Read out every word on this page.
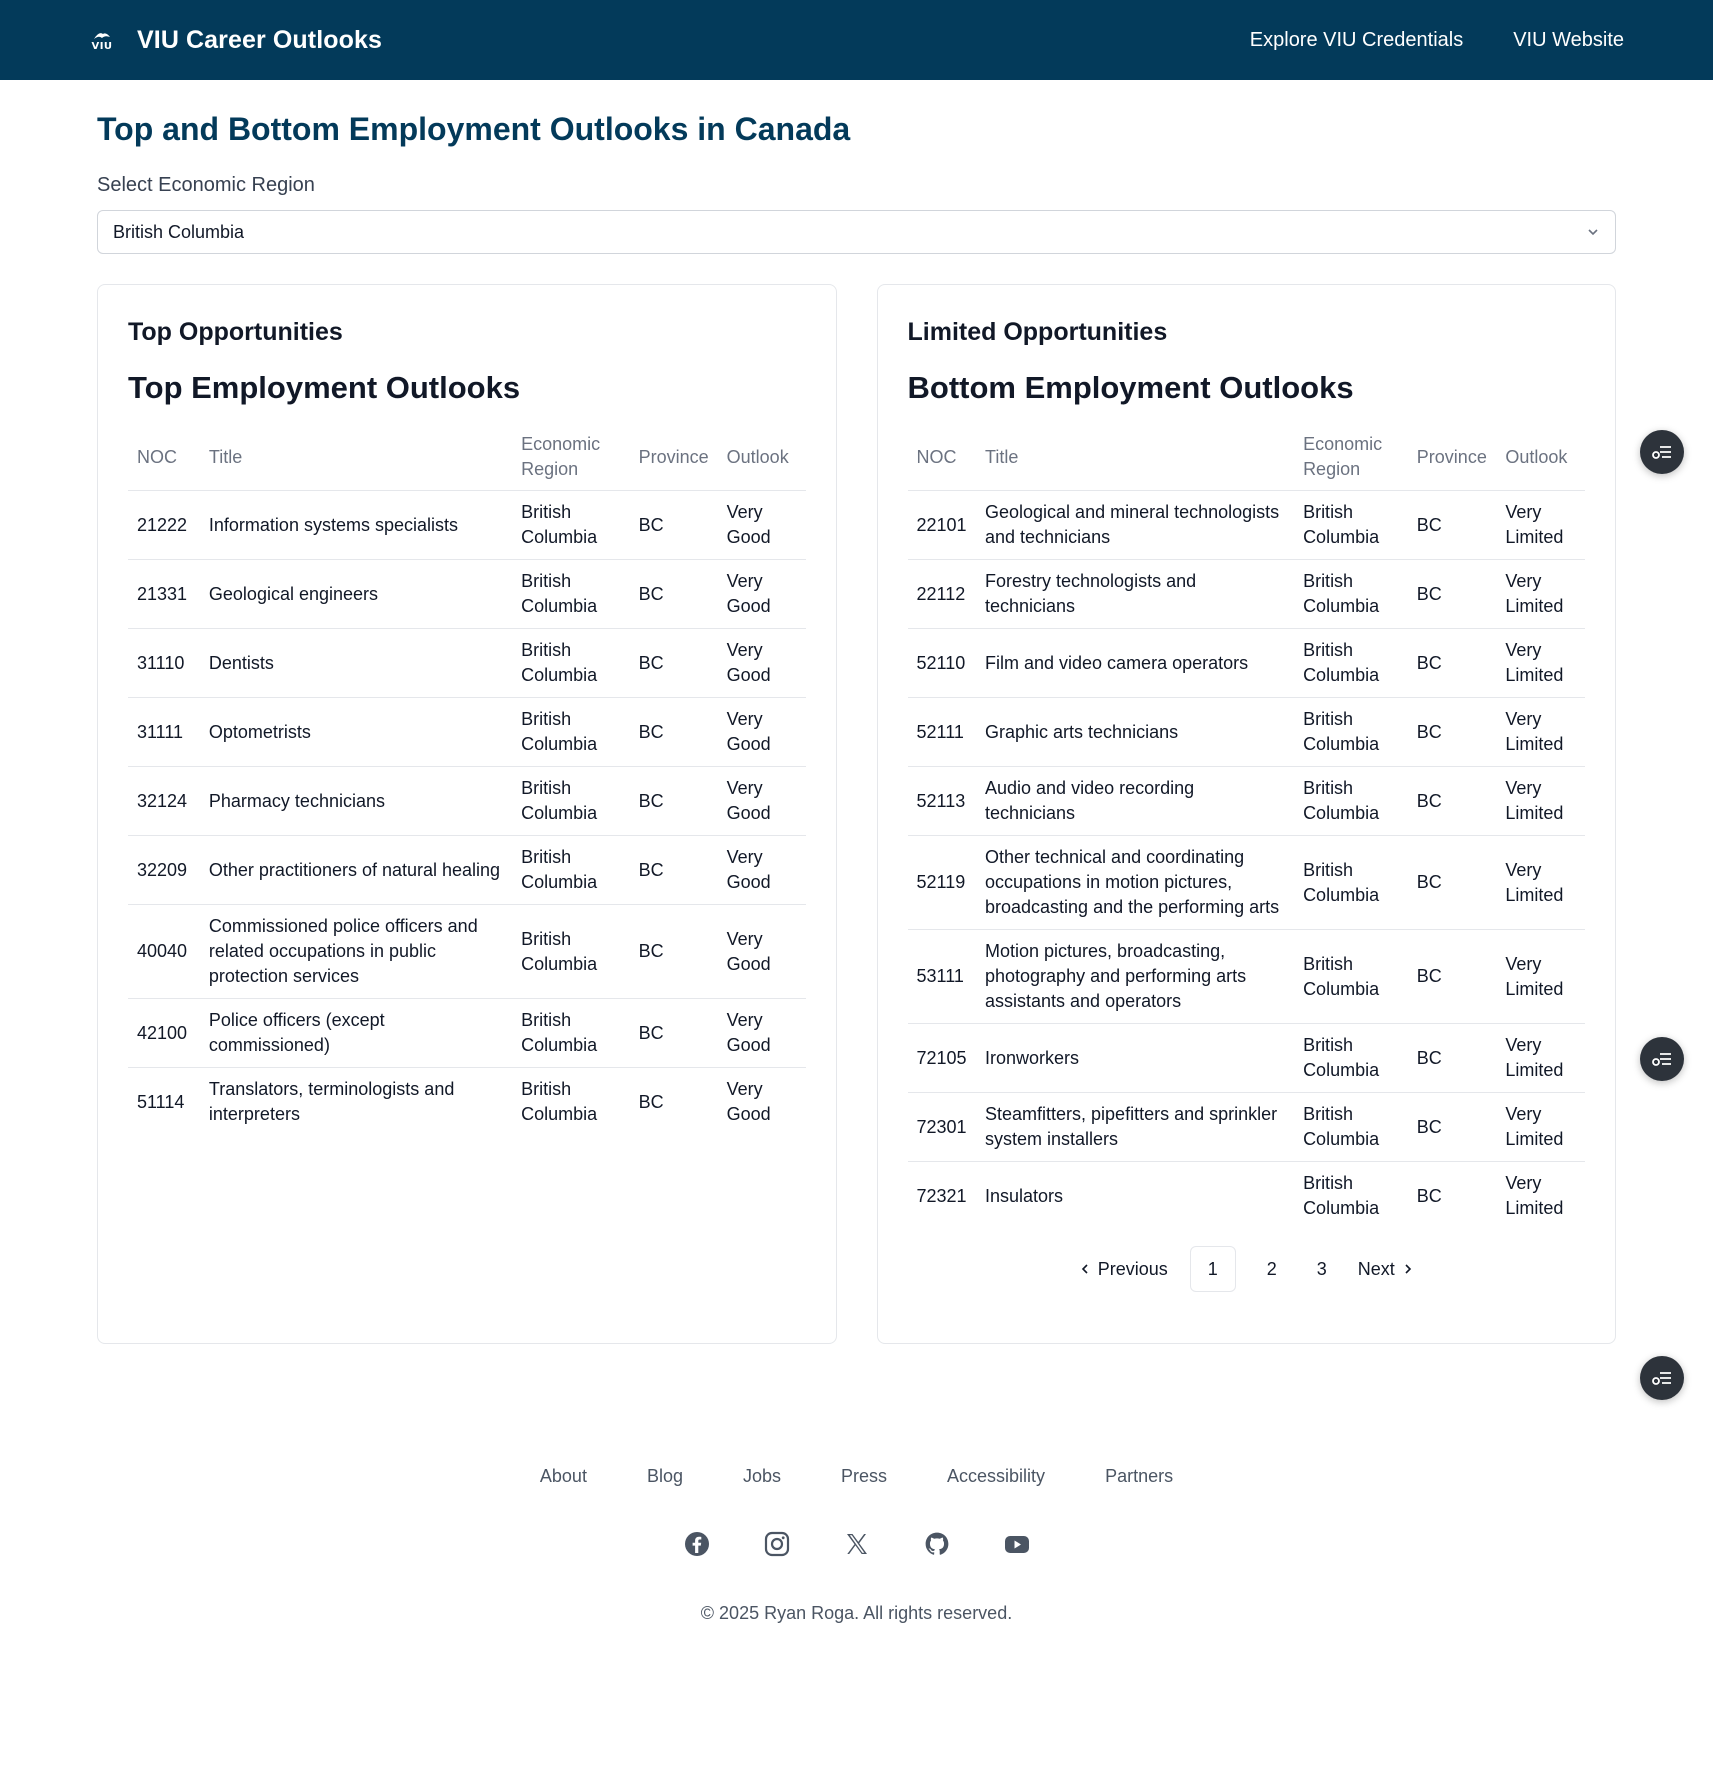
VIU VIU Career Outlooks	Explore VIU Credentials	VIU Website
Top and Bottom Employment Outlooks in Canada
Select Economic Region
British Columbia
Top Opportunities
Top Employment Outlooks
NOC	Title	Economic Region	Province	Outlook
21222	Information systems specialists	British Columbia	BC	Very Good
21331	Geological engineers	British Columbia	BC	Very Good
31110	Dentists	British Columbia	BC	Very Good
31111	Optometrists	British Columbia	BC	Very Good
32124	Pharmacy technicians	British Columbia	BC	Very Good
32209	Other practitioners of natural healing	British Columbia	BC	Very Good
40040	Commissioned police officers and related occupations in public protection services	British Columbia	BC	Very Good
42100	Police officers (except commissioned)	British Columbia	BC	Very Good
51114	Translators, terminologists and interpreters	British Columbia	BC	Very Good
Limited Opportunities
Bottom Employment Outlooks
NOC	Title	Economic Region	Province	Outlook
22101	Geological and mineral technologists and technicians	British Columbia	BC	Very Limited
22112	Forestry technologists and technicians	British Columbia	BC	Very Limited
52110	Film and video camera operators	British Columbia	BC	Very Limited
52111	Graphic arts technicians	British Columbia	BC	Very Limited
52113	Audio and video recording technicians	British Columbia	BC	Very Limited
52119	Other technical and coordinating occupations in motion pictures, broadcasting and the performing arts	British Columbia	BC	Very Limited
53111	Motion pictures, broadcasting, photography and performing arts assistants and operators	British Columbia	BC	Very Limited
72105	Ironworkers	British Columbia	BC	Very Limited
72301	Steamfitters, pipefitters and sprinkler system installers	British Columbia	BC	Very Limited
72321	Insulators	British Columbia	BC	Very Limited
Previous	1	2	3	Next
About	Blog	Jobs	Press	Accessibility	Partners
© 2025 Ryan Roga. All rights reserved.
